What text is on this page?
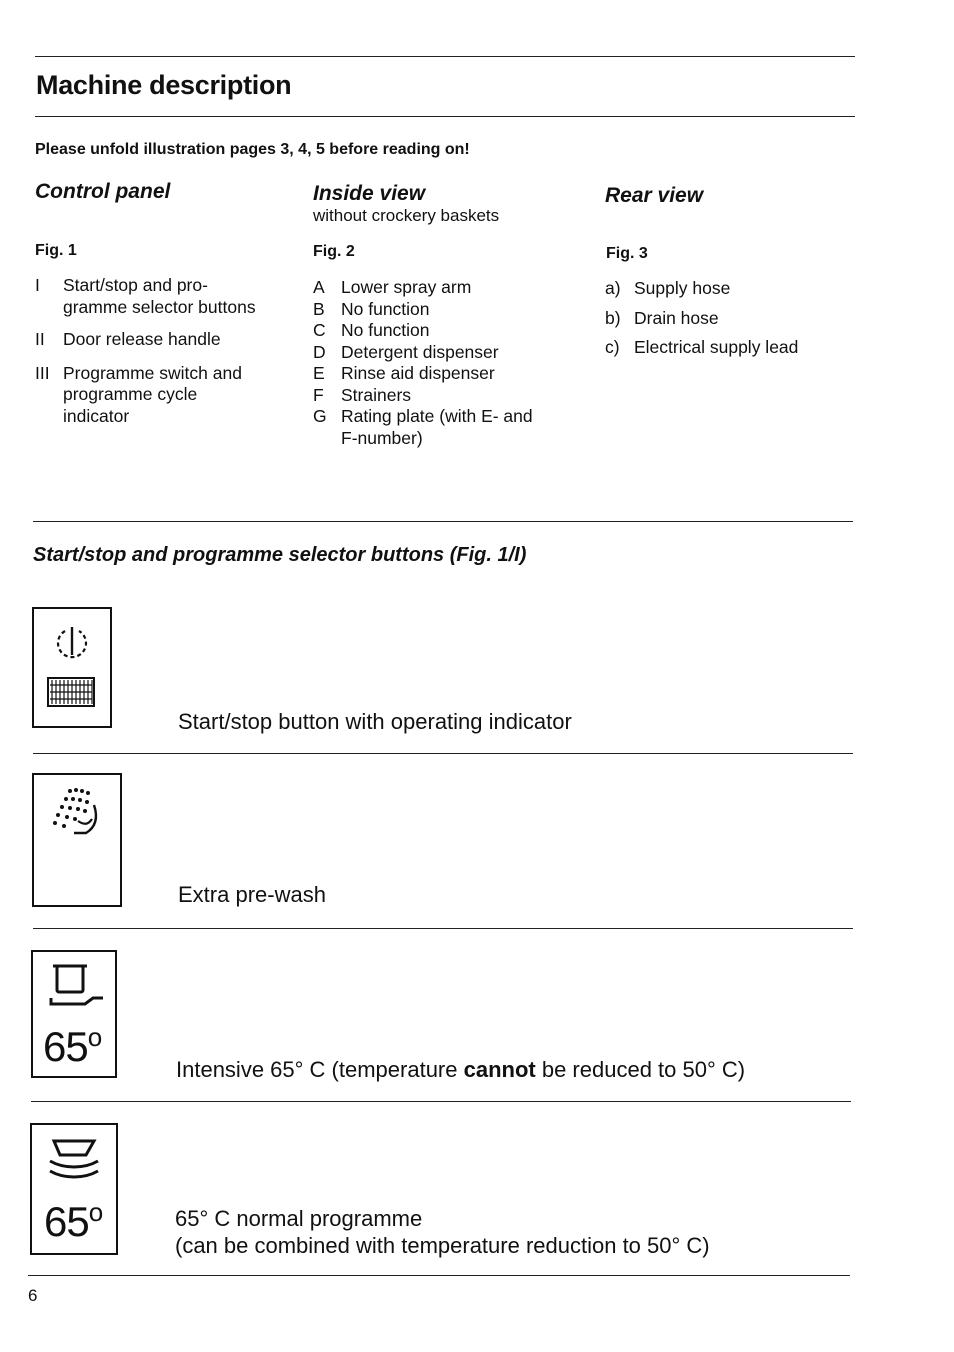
Machine description
Please unfold illustration pages 3, 4, 5 before reading on!
Control panel
Fig. 1
I	Start/stop and pro-
gramme selector buttons
II	Door release handle
III Programme switch and
programme cycle
indicator
Inside view
without crockery baskets
Fig. 2
A Lower spray arm
B No function
C No function
D Detergent dispenser
E Rinse aid dispenser
F Strainers
G Rating plate (with E- and
F-number)
Rear view
Fig. 3
a) Supply hose
b) Drain hose
c) Electrical supply lead
Start/stop and programme selector buttons (Fig. 1/I)
Start/stop button with operating indicator
Extra pre-wash
65$^o$
Intensive 65° C (temperature cannot be reduced to 50° C)
65$^o$	65° C normal programme
(can be combined with temperature reduction to 50° C)
6
